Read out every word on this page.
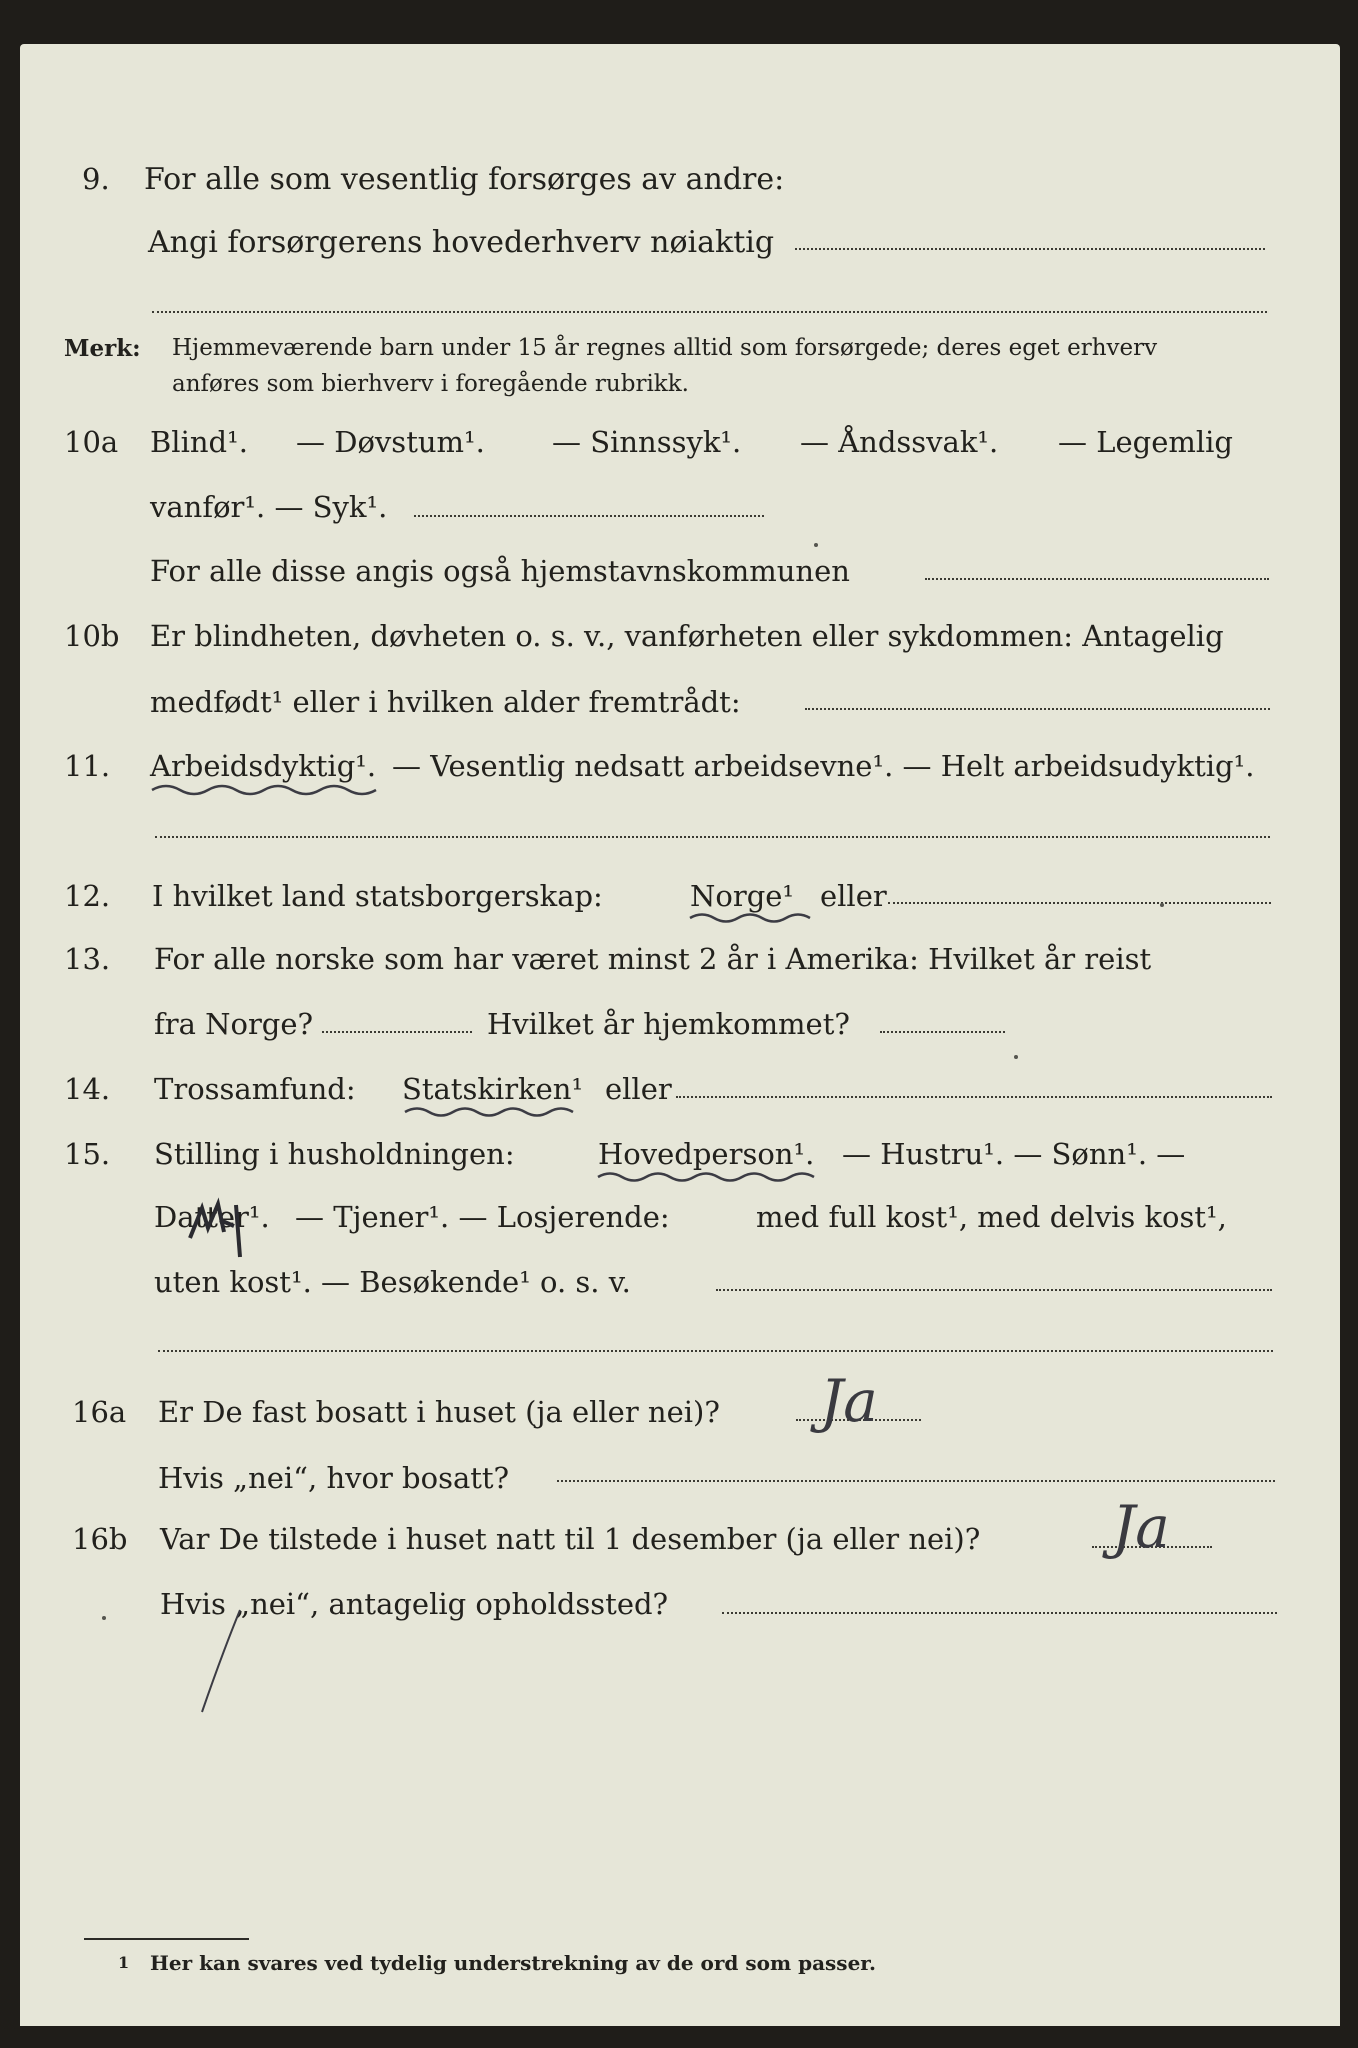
9. For alle som vesentlig forsørges av andre:
Angi forsørgerens hovederhverv nøiaktig
Merk: Hjemmeværende barn under 15 år regnes alltid som forsørgede; deres eget erhverv
anføres som bierhverv i foregående rubrikk.
10a Blind¹. — Døvstum¹. — Sinnssyk¹. — Åndssvak¹. — Legemlig
vanfør¹. — Syk¹.
For alle disse angis også hjemstavnskommunen
10b Er blindheten, døvheten o. s. v., vanførheten eller sykdommen: Antagelig
medfødt¹ eller i hvilken alder fremtrådt:
11. Arbeidsdyktig¹. — Vesentlig nedsatt arbeidsevne¹. — Helt arbeidsudyktig¹.
12. I hvilket land statsborgerskap:	Norge¹ eller
13. For alle norske som har været minst 2 år i Amerika: Hvilket år reist
fra Norge?	Hvilket år hjemkommet?
14. Trossamfund: Statskirken¹ eller
15. Stilling i husholdningen:	Hovedperson¹. — Hustru¹. — Sønn¹. —
Datter¹. — Tjener¹. — Losjerende:	med full kost¹, med delvis kost¹,
uten kost¹. — Besøkende¹ o. s. v.
16a Er De fast bosatt i huset (ja eller nei)?
Hvis „nei“, hvor bosatt?
16b Var De tilstede i huset natt til 1 desember (ja eller nei)?
Hvis „nei“, antagelig opholdssted?
1 Her kan svares ved tydelig understrekning av de ord som passer.
Ja
Ja
